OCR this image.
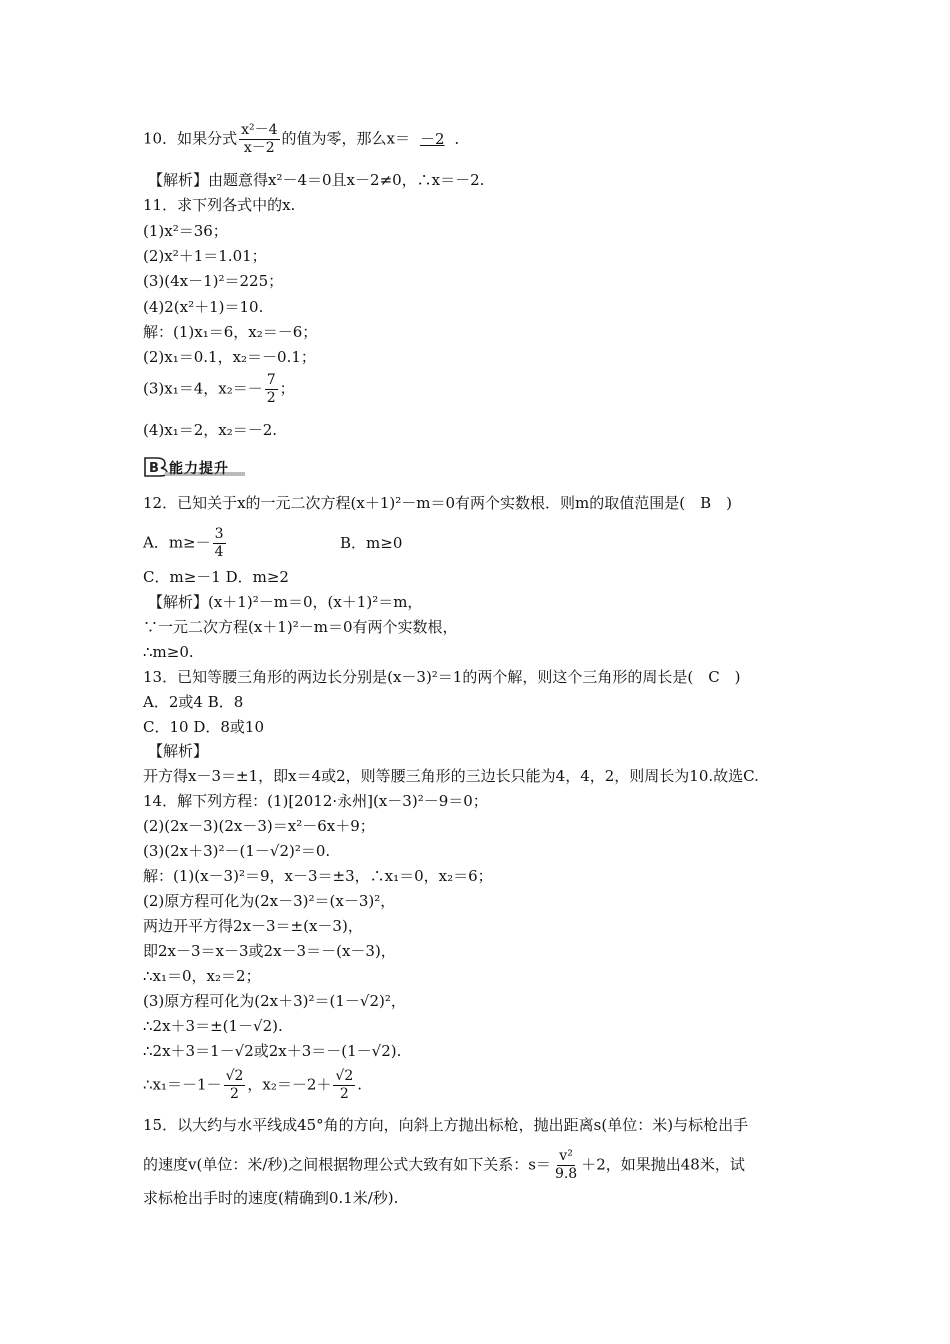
10．如果分式 $\frac{\text{x²－4}}{x-2}$ 的值为零，那么x＝ －2 ．
【解析】由题意得x²－4＝0且x－2≠0，∴x＝－2.
11．求下列各式中的x.
(1)x²＝36；
(2)x²＋1＝1.01；
(3)(4x－1)²＝225；
(4)2(x²＋1)＝10.
解：(1)x₁＝6，x₂＝－6；
(2)x₁＝0.1，x₂＝－0.1；
(3)x₁＝4，$x_2=- \frac{7}{2}$ ；
(4)x₁＝2，x₂＝－2.
B 能力提升
12．已知关于x的一元二次方程(x＋1)²－m＝0有两个实数根．则m的取值范围是(　B　)
A．$m\ge- \frac{3}{4}$	B．m≥0
C．m≥－1 D．m≥2
【解析】(x＋1)²－m＝0，(x＋1)²＝m，
∵一元二次方程(x＋1)²－m＝0有两个实数根，
∴m≥0.
13．已知等腰三角形的两边长分别是(x－3)²＝1的两个解，则这个三角形的周长是(　C　)
A．2或4 B．8
C．10 D．8或10
【解析】
开方得x－3＝±1，即x＝4或2，则等腰三角形的三边长只能为4，4，2，则周长为10.故选C.
14．解下列方程：(1)[2012·永州](x－3)²－9＝0；
(2)(2x－3)(2x－3)＝x²－6x＋9；
(3)(2x＋3)²－(1－√2)²＝0.
解：(1)(x－3)²＝9，x－3＝±3，∴x₁＝0，x₂＝6；
(2)原方程可化为(2x－3)²＝(x－3)²，
两边开平方得2x－3＝±(x－3)，
即2x－3＝x－3或2x－3＝－(x－3)，
∴x₁＝0，x₂＝2；
(3)原方程可化为(2x＋3)²＝(1－√2)²，
∴2x＋3＝±(1－√2).
∴2x＋3＝1－√2或2x＋3＝－(1－√2).
∴x₁＝－1－ $\frac{√2}{2}$ ，$x_2=-2+ \frac{√2}{2}$ .
15．以大约与水平线成45°角的方向，向斜上方抛出标枪，抛出距离s(单位：米)与标枪出手
的速度v(单位：米/秒)之间根据物理公式大致有如下关系：$s= \frac{\text{v²}}{9.8} +2$，如果抛出48米，试
求标枪出手时的速度(精确到0.1米/秒).
